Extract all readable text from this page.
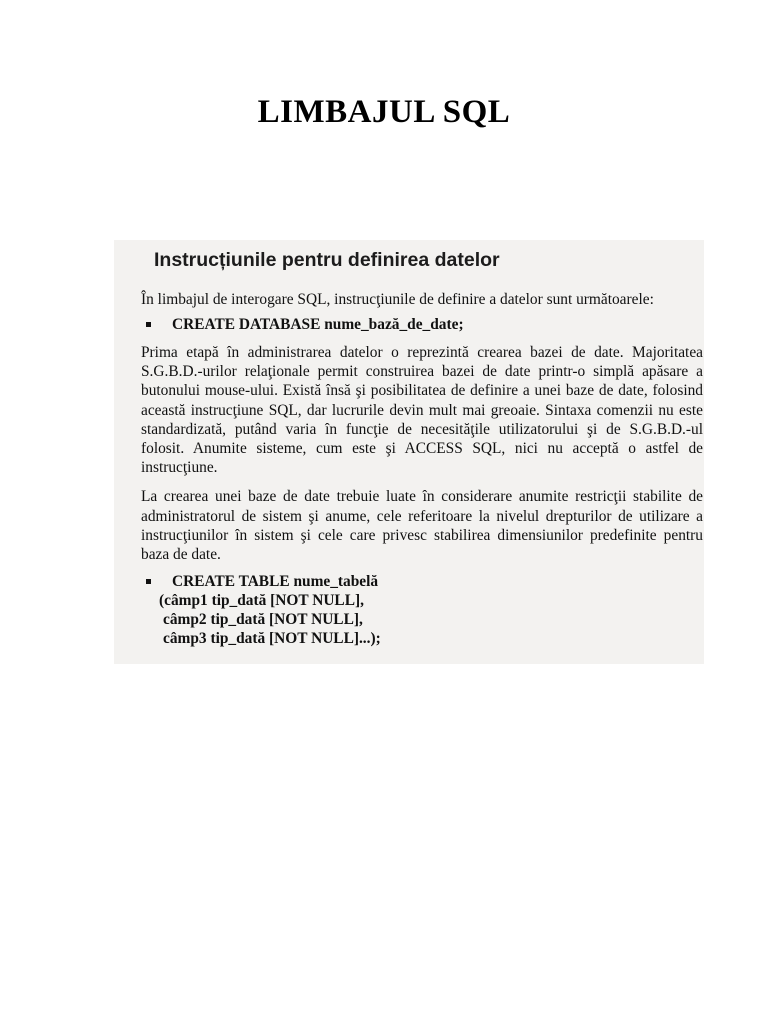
LIMBAJUL SQL
Instrucțiunile pentru definirea datelor
În limbajul de interogare SQL, instrucţiunile de definire a datelor sunt următoarele:
CREATE DATABASE nume_bază_de_date;
Prima etapă în administrarea datelor o reprezintă crearea bazei de date. Majoritatea
S.G.B.D.-urilor relaţionale permit construirea bazei de date printr-o simplă apăsare a
butonului mouse-ului. Există însă şi posibilitatea de definire a unei baze de date, folosind
această instrucţiune SQL, dar lucrurile devin mult mai greoaie. Sintaxa comenzii nu este
standardizată, putând varia în funcţie de necesităţile utilizatorului şi de S.G.B.D.-ul
folosit. Anumite sisteme, cum este şi ACCESS SQL, nici nu acceptă o astfel de
instrucţiune.
La crearea unei baze de date trebuie luate în considerare anumite restricţii stabilite de
administratorul de sistem şi anume, cele referitoare la nivelul drepturilor de utilizare a
instrucţiunilor în sistem şi cele care privesc stabilirea dimensiunilor predefinite pentru
baza de date.
CREATE TABLE nume_tabelă
(câmp1 tip_dată [NOT NULL],
câmp2 tip_dată [NOT NULL],
câmp3 tip_dată [NOT NULL]...);
